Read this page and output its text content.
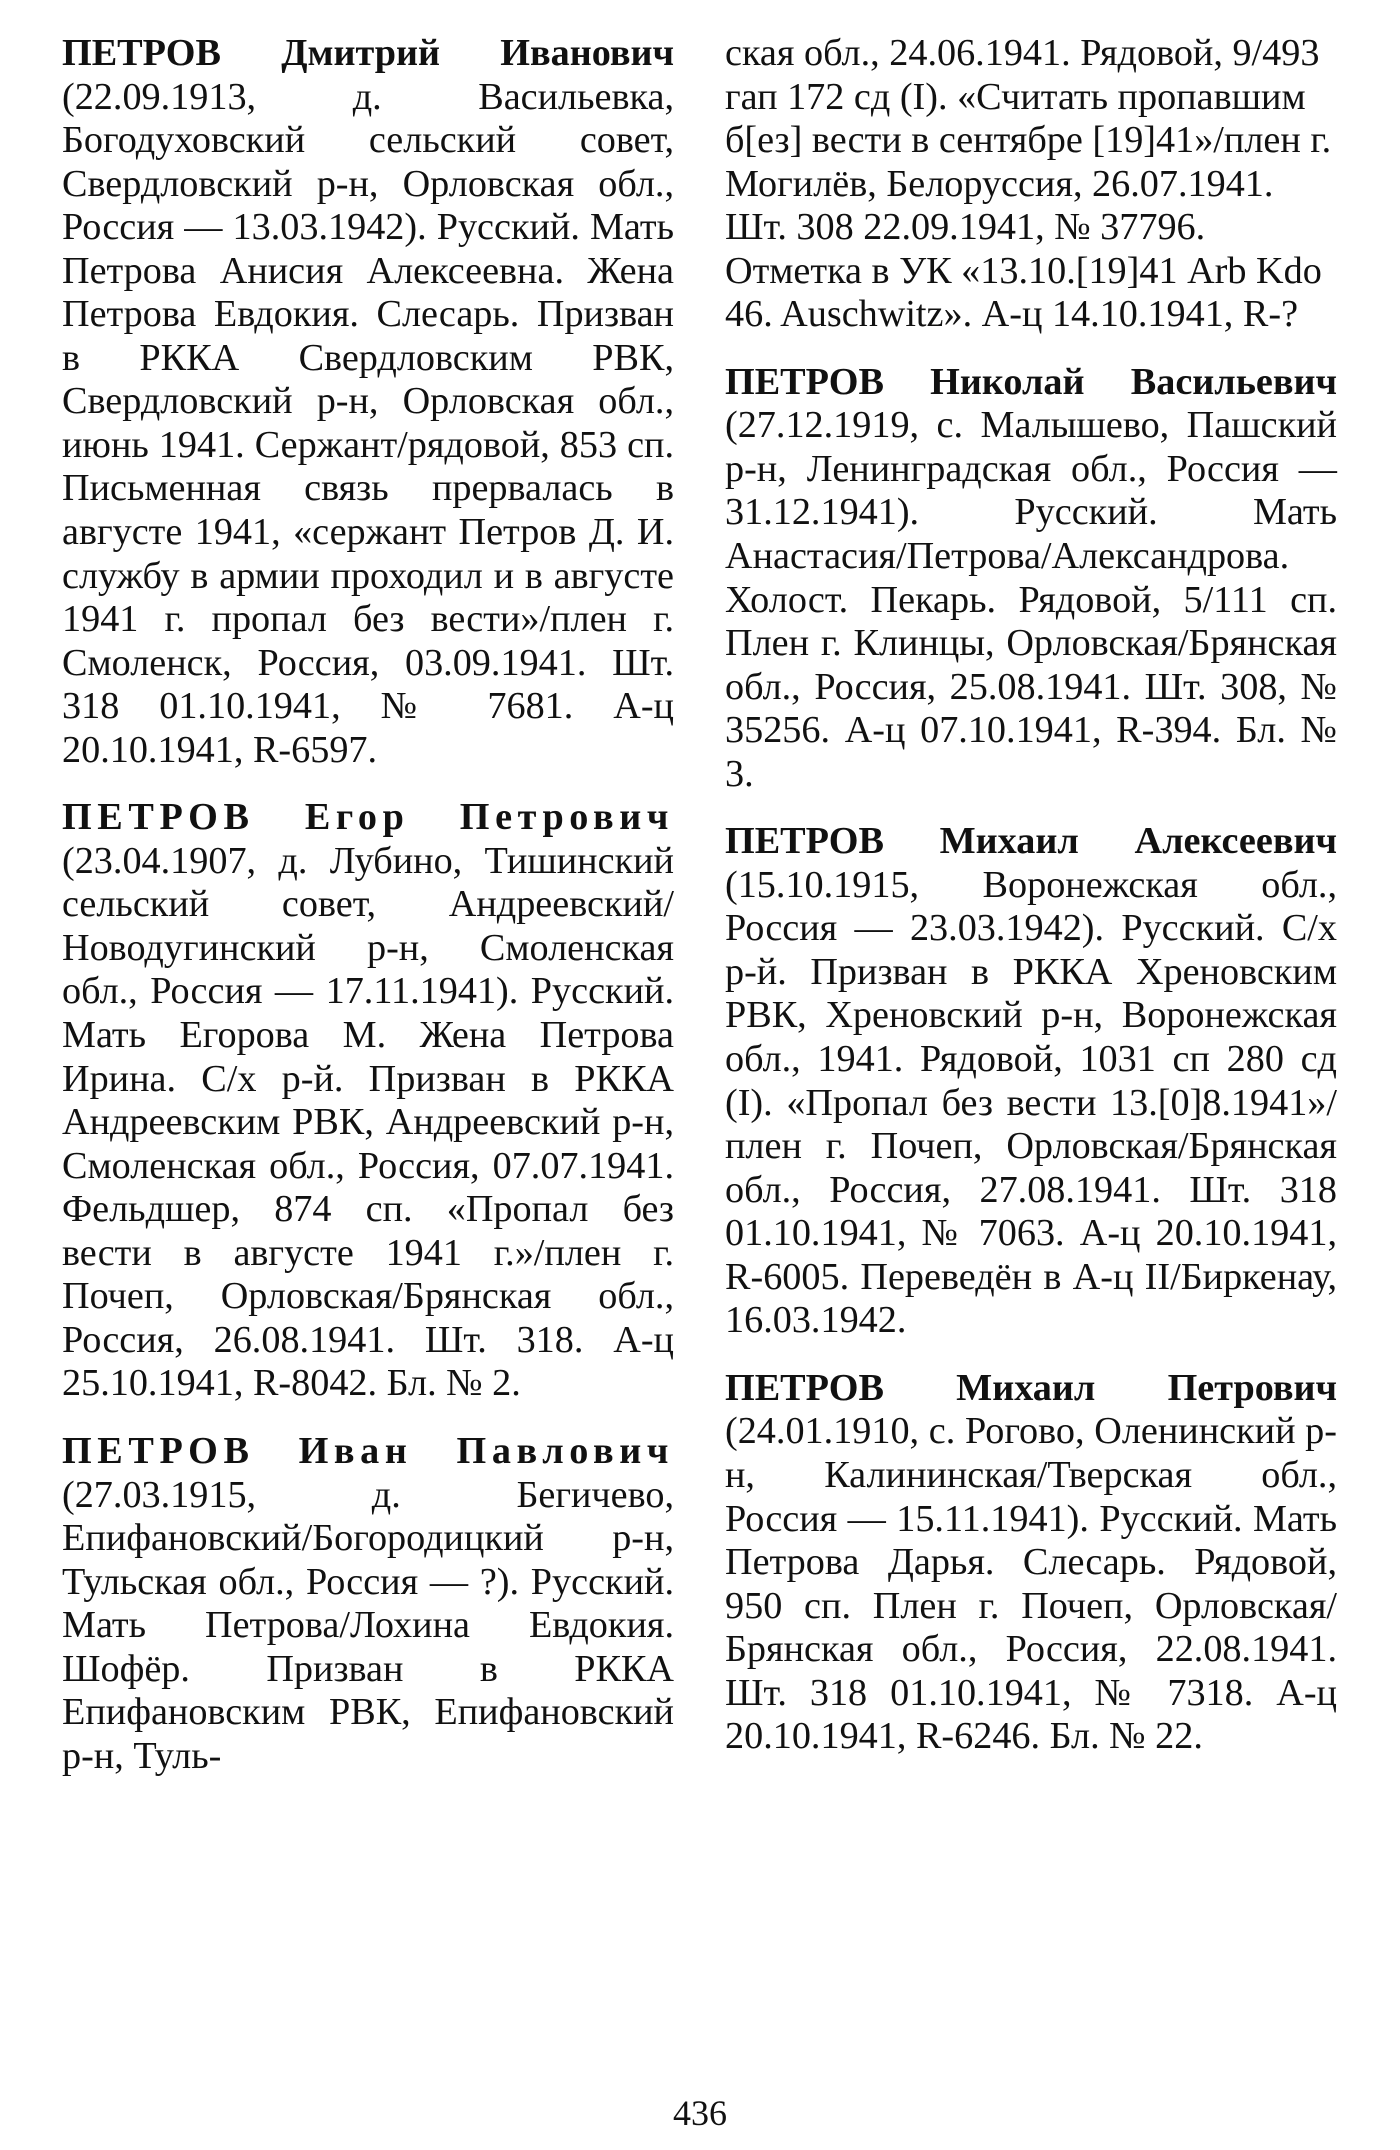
ПЕТРОВ Дмитрий Иванович (22.09.1913, д. Васильевка, Богодуховский сельский совет, Свердловский р-н, Орловская обл., Россия — 13.03.1942). Русский. Мать Петрова Анисия Алексеевна. Жена Петрова Евдокия. Слесарь. Призван в РККА Свердловским РВК, Свердловский р-н, Орловская обл., июнь 1941. Сержант/рядовой, 853 сп. Письменная связь прервалась в августе 1941, «сержант Петров Д. И. службу в армии проходил и в августе 1941 г. пропал без вести»/плен г. Смоленск, Россия, 03.09.1941. Шт. 318 01.10.1941, № 7681. А-ц 20.10.1941, R-6597.

ПЕТРОВ Егор Петрович (23.04.1907, д. Лубино, Тишинский сельский совет, Андреевский/Новодугинский р-н, Смоленская обл., Россия — 17.11.1941). Русский. Мать Егорова М. Жена Петрова Ирина. С/х р-й. Призван в РККА Андреевским РВК, Андреевский р-н, Смоленская обл., Россия, 07.07.1941. Фельдшер, 874 сп. «Пропал без вести в августе 1941 г.»/плен г. Почеп, Орловская/Брянская обл., Россия, 26.08.1941. Шт. 318. А-ц 25.10.1941, R-8042. Бл. № 2.

ПЕТРОВ Иван Павлович (27.03.1915, д. Бегичево, Епифановский/Богородицкий р-н, Тульская обл., Россия — ?). Русский. Мать Петрова/Лохина Евдокия. Шофёр. Призван в РККА Епифановским РВК, Епифановский р-н, Туль-

ская обл., 24.06.1941. Рядовой, 9/493 гап 172 сд (I). «Считать пропавшим б[ез] вести в сентябре [19]41»/плен г. Могилёв, Белоруссия, 26.07.1941. Шт. 308 22.09.1941, № 37796. Отметка в УК «13.10.[19]41 Arb Kdo 46. Auschwitz». А-ц 14.10.1941, R-?

ПЕТРОВ Николай Васильевич (27.12.1919, с. Малышево, Пашский р-н, Ленинградская обл., Россия — 31.12.1941). Русский. Мать Анастасия/Петрова/Александрова. Холост. Пекарь. Рядовой, 5/111 сп. Плен г. Клинцы, Орловская/Брянская обл., Россия, 25.08.1941. Шт. 308, № 35256. А-ц 07.10.1941, R-394. Бл. № 3.

ПЕТРОВ Михаил Алексеевич (15.10.1915, Воронежская обл., Россия — 23.03.1942). Русский. С/х р-й. Призван в РККА Хреновским РВК, Хреновский р-н, Воронежская обл., 1941. Рядовой, 1031 сп 280 сд (I). «Пропал без вести 13.[0]8.1941»/плен г. Почеп, Орловская/Брянская обл., Россия, 27.08.1941. Шт. 318 01.10.1941, № 7063. А-ц 20.10.1941, R-6005. Переведён в А-ц II/Биркенау, 16.03.1942.

ПЕТРОВ Михаил Петрович (24.01.1910, с. Рогово, Оленинский р-н, Калининская/Тверская обл., Россия — 15.11.1941). Русский. Мать Петрова Дарья. Слесарь. Рядовой, 950 сп. Плен г. Почеп, Орловская/Брянская обл., Россия, 22.08.1941. Шт. 318 01.10.1941, № 7318. А-ц 20.10.1941, R-6246. Бл. № 22.

436
